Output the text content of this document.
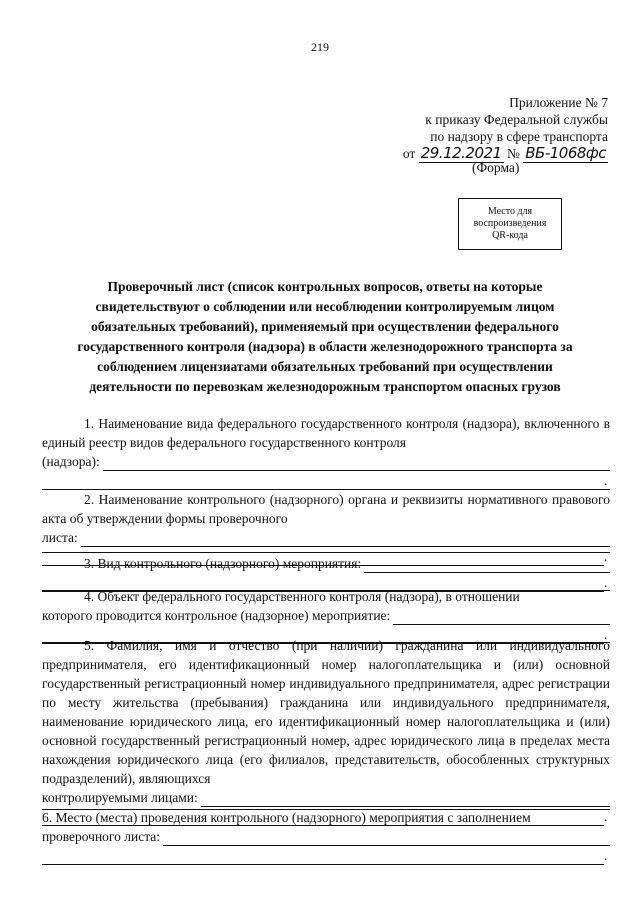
219
Приложение № 7
к приказу Федеральной службы
по надзору в сфере транспорта
от 29.12.2021 № ВБ-1068фс
(Форма)
Место для
воспроизведения
QR-кода
Проверочный лист (список контрольных вопросов, ответы на которые свидетельствуют о соблюдении или несоблюдении контролируемым лицом обязательных требований), применяемый при осуществлении федерального государственного контроля (надзора) в области железнодорожного транспорта за соблюдением лицензиатами обязательных требований при осуществлении деятельности по перевозкам железнодорожным транспортом опасных грузов

1. Наименование вида федерального государственного контроля (надзора), включенного в единый реестр видов федерального государственного контроля

(надзора):
.

2. Наименование контрольного (надзорного) органа и реквизиты нормативного правового акта об утверждении формы проверочного

листа:
.
3. Вид контрольного (надзорного) мероприятия:
.

4. Объект федерального государственного контроля (надзора), в отношении

которого проводится контрольное (надзорное) мероприятие:
.

5. Фамилия, имя и отчество (при наличии) гражданина или индивидуального предпринимателя, его идентификационный номер налогоплательщика и (или) основной государственный регистрационный номер индивидуального предпринимателя, адрес регистрации по месту жительства (пребывания) гражданина или индивидуального предпринимателя, наименование юридического лица, его идентификационный номер налогоплательщика и (или) основной государственный регистрационный номер, адрес юридического лица в пределах места нахождения юридического лица (его филиалов, представительств, обособленных структурных подразделений), являющихся

контролируемыми лицами:
.

6. Место (места) проведения контрольного (надзорного) мероприятия с заполнением

проверочного листа:
.
